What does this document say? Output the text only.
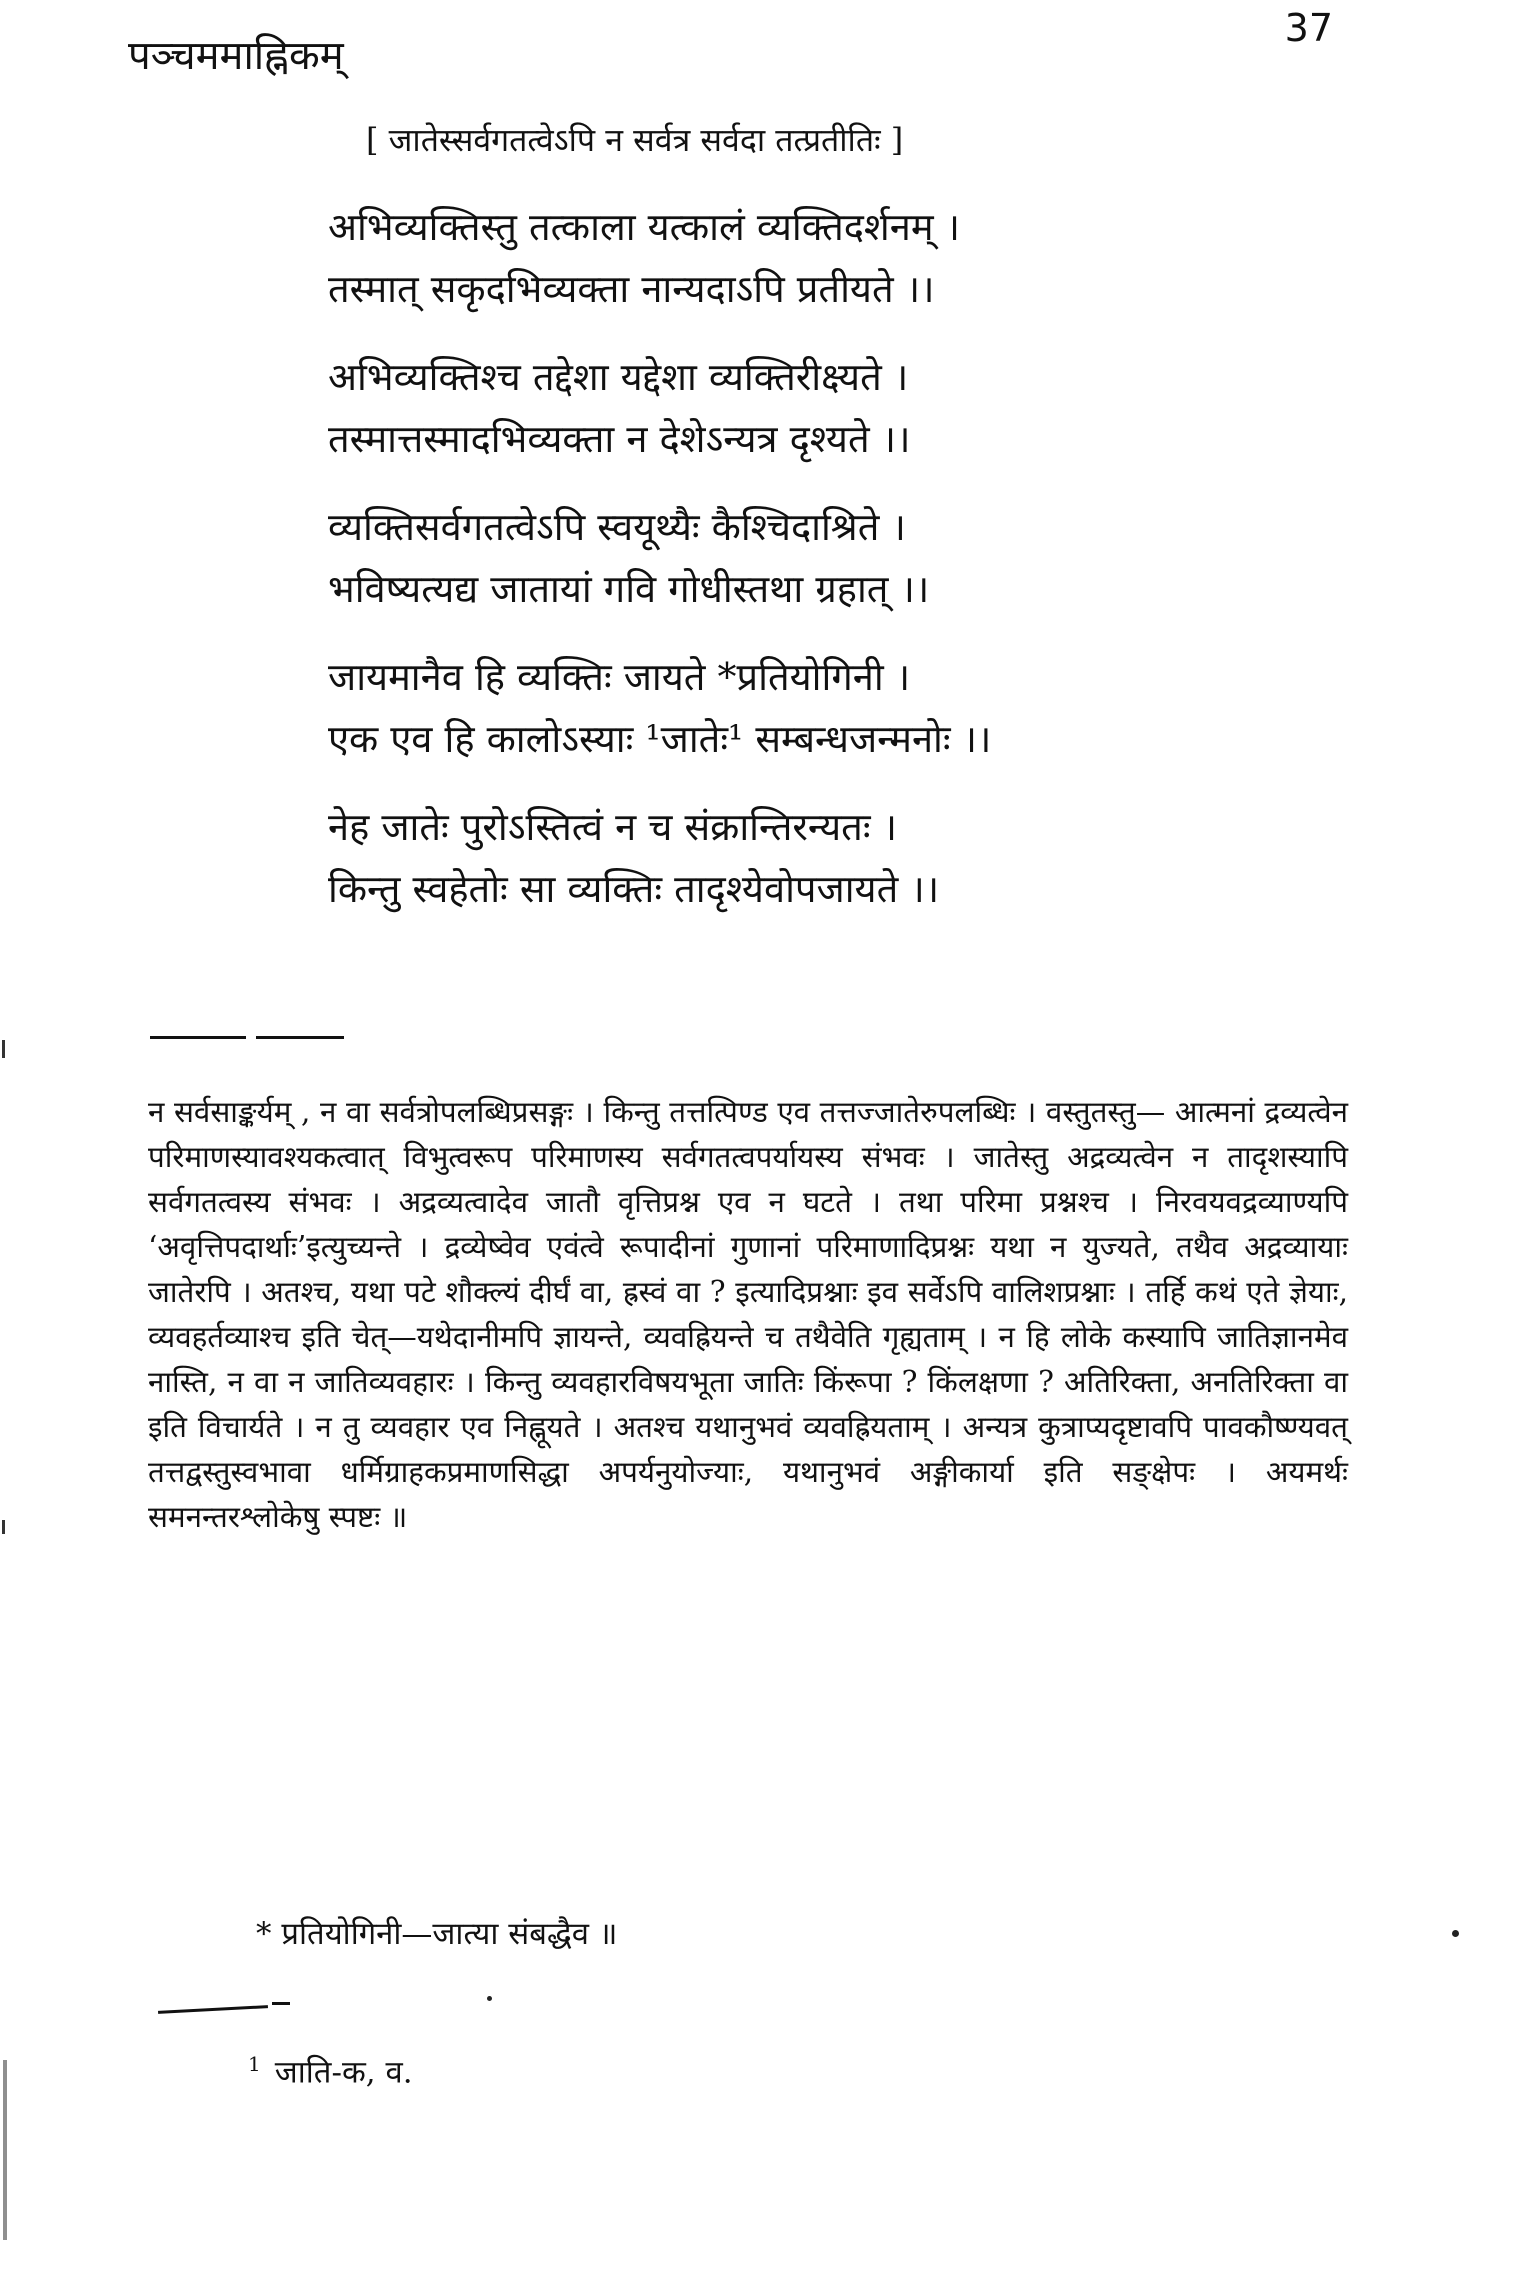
पञ्चममाह्निकम्
37
[ जातेस्सर्वगतत्वेऽपि न सर्वत्र सर्वदा तत्प्रतीतिः ]
अभिव्यक्तिस्तु तत्काला यत्कालं व्यक्तिदर्शनम् ।
तस्मात् सकृदभिव्यक्ता नान्यदाऽपि प्रतीयते ।।
अभिव्यक्तिश्च तद्देशा यद्देशा व्यक्तिरीक्ष्यते ।
तस्मात्तस्मादभिव्यक्ता न देशेऽन्यत्र दृश्यते ।।
व्यक्तिसर्वगतत्वेऽपि स्वयूथ्यैः कैश्चिदाश्रिते ।
भविष्यत्यद्य जातायां गवि गोधीस्तथा ग्रहात् ।।
जायमानैव हि व्यक्तिः जायते *प्रतियोगिनी ।
एक एव हि कालोऽस्याः ¹जातेः¹ सम्बन्धजन्मनोः ।।
नेह जातेः पुरोऽस्तित्वं न च संक्रान्तिरन्यतः ।
किन्तु स्वहेतोः सा व्यक्तिः तादृश्येवोपजायते ।।
न सर्वसाङ्कर्यम् , न वा सर्वत्रोपलब्धिप्रसङ्गः । किन्तु तत्तत्पिण्ड एव तत्तज्जातेरुपलब्धिः । वस्तुतस्तु— आत्मनां द्रव्यत्वेन परिमाणस्यावश्यकत्वात् विभुत्वरूप परिमाणस्य सर्वगतत्वपर्यायस्य संभवः । जातेस्तु अद्रव्यत्वेन न तादृशस्यापि सर्वगतत्वस्य संभवः । अद्रव्यत्वादेव जातौ वृत्तिप्रश्न एव न घटते । तथा परिमा प्रश्नश्च । निरवयवद्रव्याण्यपि ‘अवृत्तिपदार्थाः’इत्युच्यन्ते । द्रव्येष्वेव एवंत्वे रूपादीनां गुणानां परिमाणादिप्रश्नः यथा न युज्यते, तथैव अद्रव्यायाः जातेरपि । अतश्च, यथा पटे शौक्ल्यं दीर्घं वा, ह्रस्वं वा ? इत्यादिप्रश्नाः इव सर्वेऽपि वालिशप्रश्नाः । तर्हि कथं एते ज्ञेयाः, व्यवहर्तव्याश्च इति चेत्—यथेदानीमपि ज्ञायन्ते, व्यवह्रियन्ते च तथैवेति गृह्यताम् । न हि लोके कस्यापि जातिज्ञानमेव नास्ति, न वा न जातिव्यवहारः । किन्तु व्यवहारविषयभूता जातिः किंरूपा ? किंलक्षणा ? अतिरिक्ता, अनतिरिक्ता वा इति विचार्यते । न तु व्यवहार एव निह्नूयते । अतश्च यथानुभवं व्यवह्रियताम् । अन्यत्र कुत्राप्यदृष्टावपि पावकौष्ण्यवत् तत्तद्वस्तुस्वभावा धर्मिग्राहकप्रमाणसिद्धा अपर्यनुयोज्याः, यथानुभवं अङ्गीकार्या इति सङ्क्षेपः । अयमर्थः समनन्तरश्लोकेषु स्पष्टः ॥
* प्रतियोगिनी—जात्या संबद्धैव ॥
$^1$ जाति-क, व.
